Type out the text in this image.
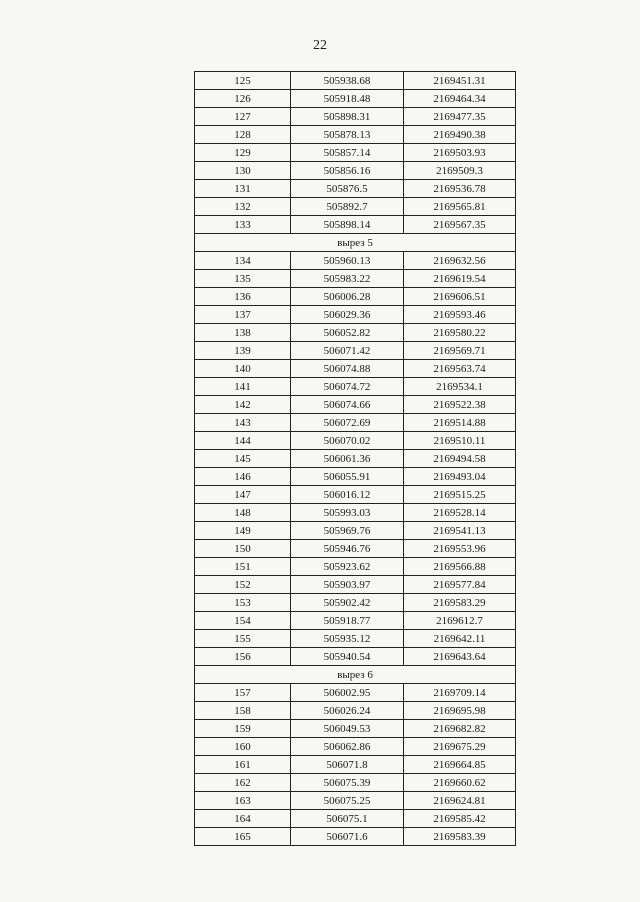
22
125	505938.68	2169451.31
126	505918.48	2169464.34
127	505898.31	2169477.35
128	505878.13	2169490.38
129	505857.14	2169503.93
130	505856.16	2169509.3
131	505876.5	2169536.78
132	505892.7	2169565.81
133	505898.14	2169567.35
вырез 5		
134	505960.13	2169632.56
135	505983.22	2169619.54
136	506006.28	2169606.51
137	506029.36	2169593.46
138	506052.82	2169580.22
139	506071.42	2169569.71
140	506074.88	2169563.74
141	506074.72	2169534.1
142	506074.66	2169522.38
143	506072.69	2169514.88
144	506070.02	2169510.11
145	506061.36	2169494.58
146	506055.91	2169493.04
147	506016.12	2169515.25
148	505993.03	2169528.14
149	505969.76	2169541.13
150	505946.76	2169553.96
151	505923.62	2169566.88
152	505903.97	2169577.84
153	505902.42	2169583.29
154	505918.77	2169612.7
155	505935.12	2169642.11
156	505940.54	2169643.64
вырез 6		
157	506002.95	2169709.14
158	506026.24	2169695.98
159	506049.53	2169682.82
160	506062.86	2169675.29
161	506071.8	2169664.85
162	506075.39	2169660.62
163	506075.25	2169624.81
164	506075.1	2169585.42
165	506071.6	2169583.39
